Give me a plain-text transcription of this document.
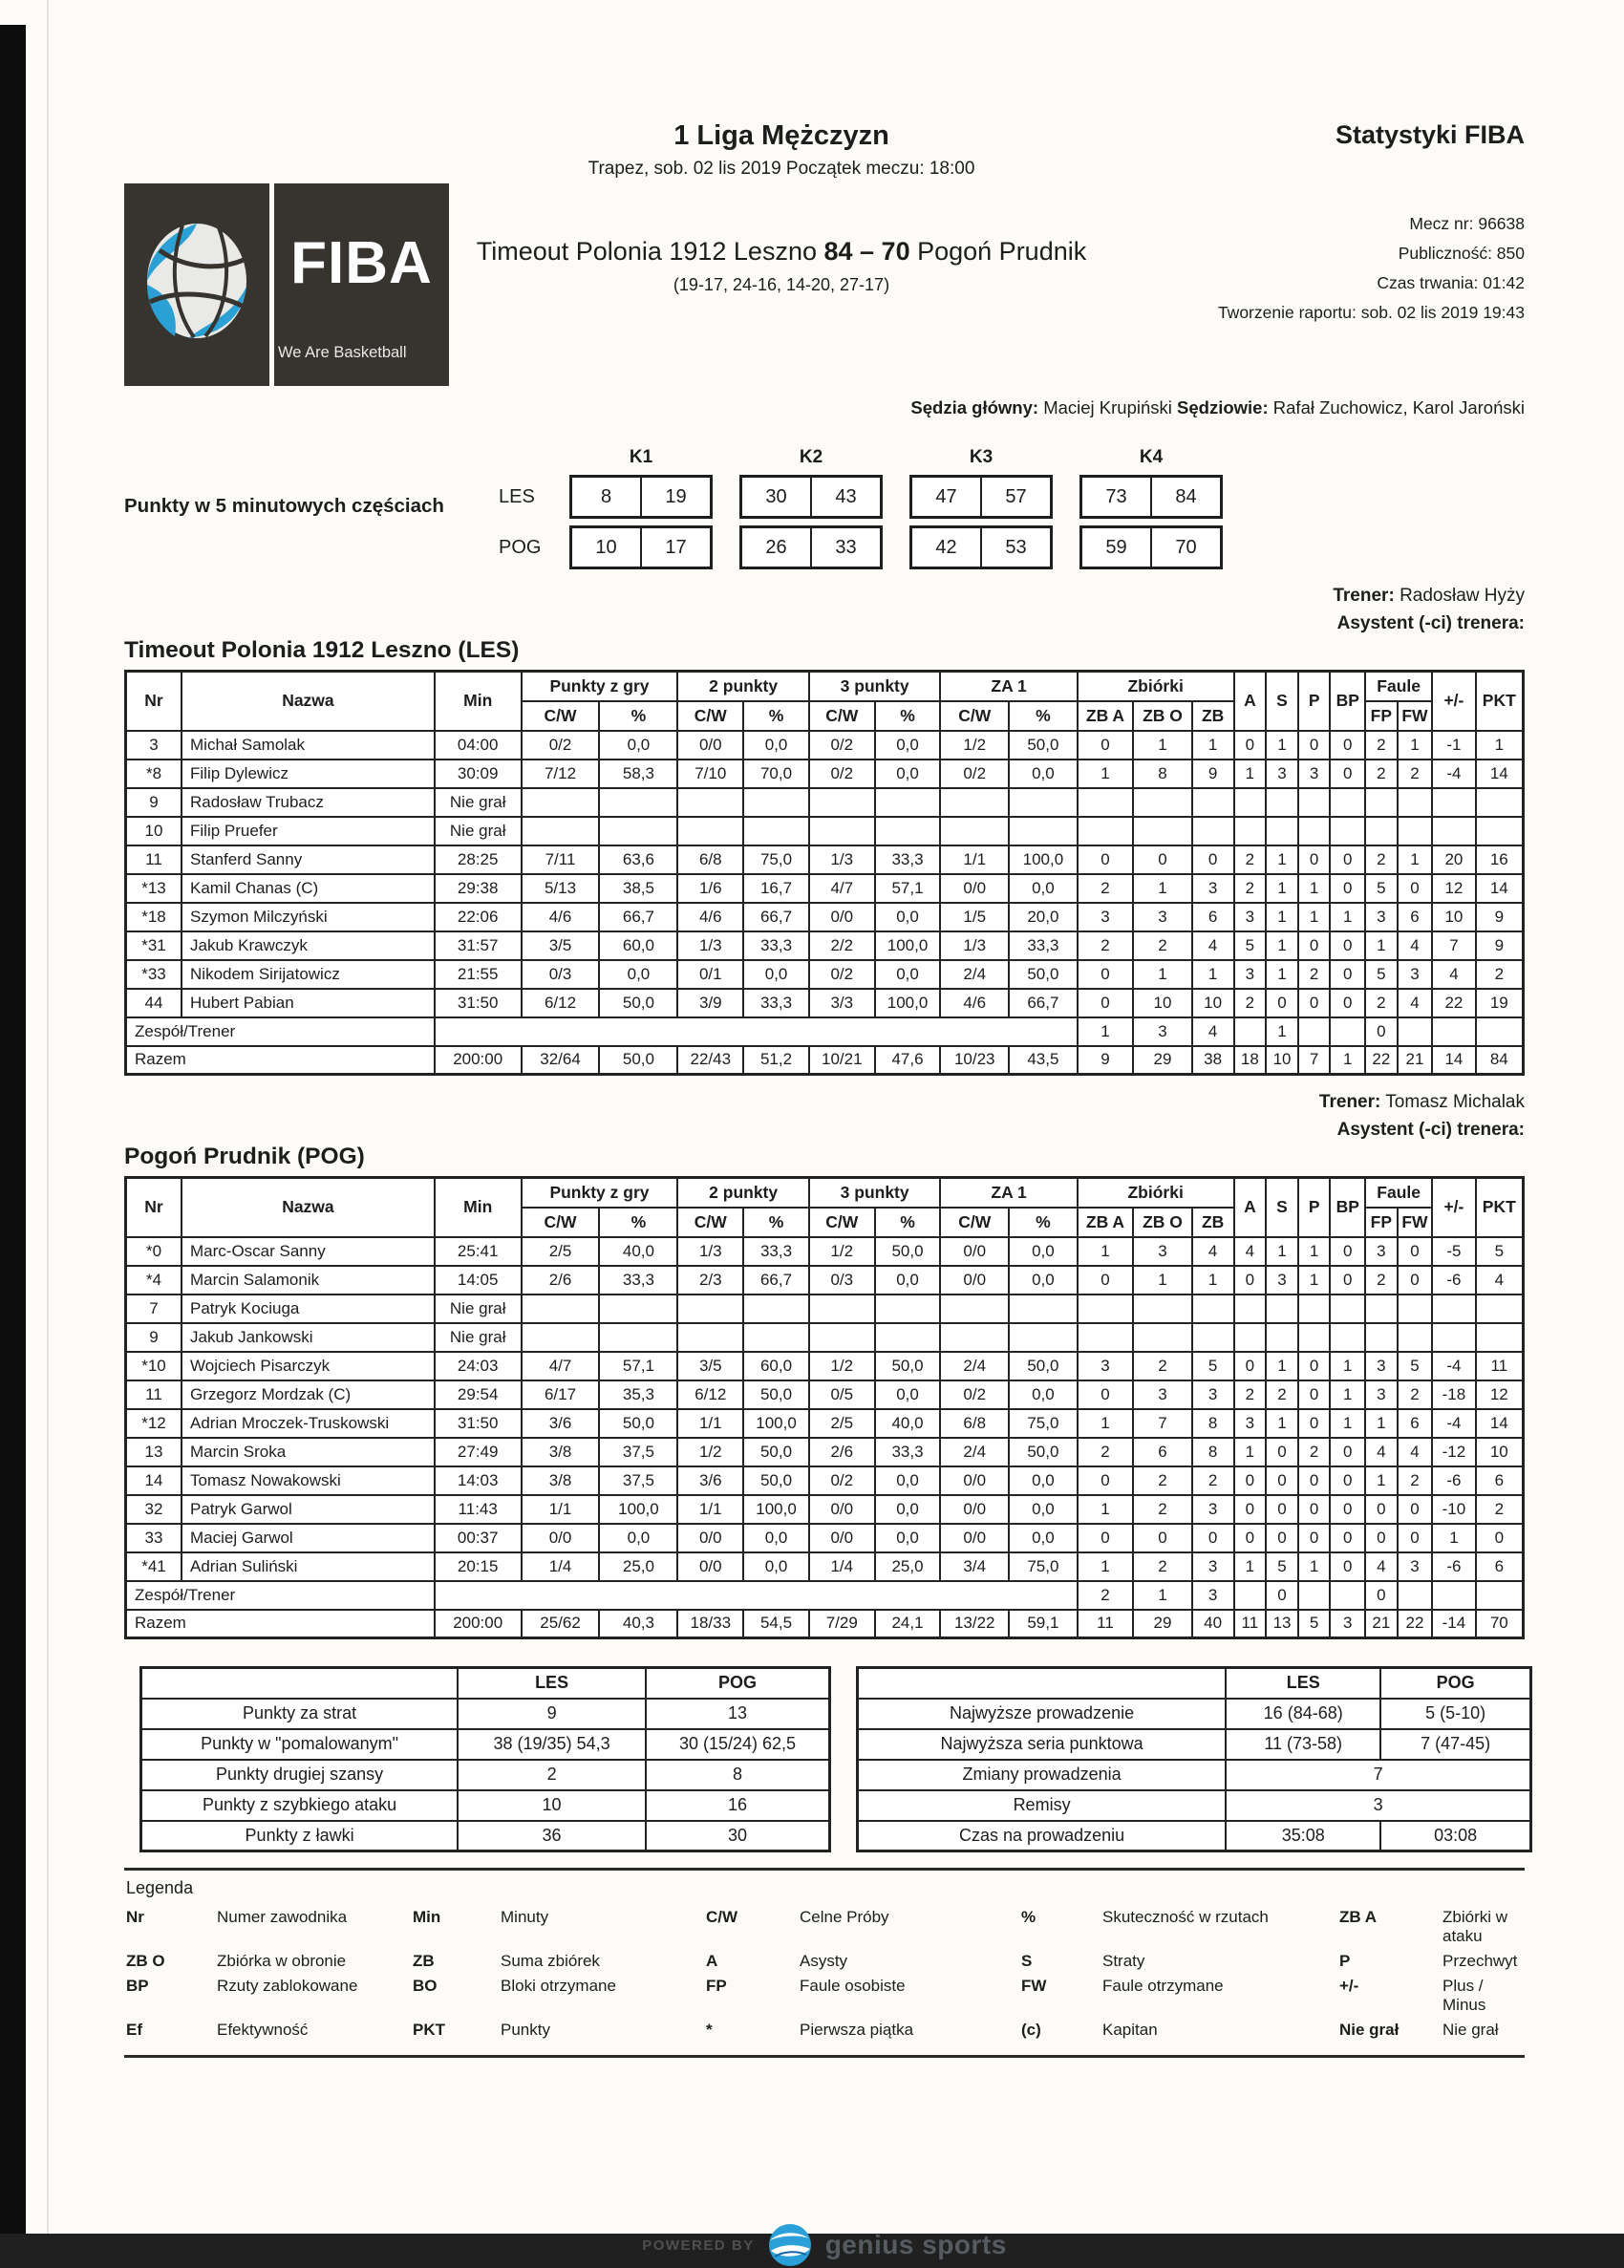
FIBA
We Are Basketball
1 Liga Mężczyzn
Trapez, sob. 02 lis 2019 Początek meczu: 18:00
Timeout Polonia 1912 Leszno 84 – 70 Pogoń Prudnik
(19-17, 24-16, 14-20, 27-17)
Statystyki FIBA
Mecz nr: 96638
Publiczność: 850
Czas trwania: 01:42
Tworzenie raportu: sob. 02 lis 2019 19:43
Sędzia główny: Maciej Krupiński Sędziowie: Rafał Zuchowicz, Karol Jaroński
Punkty w 5 minutowych częściach
K1	K2	K3	K4
LES	8	19	30	43	47	57	73	84
POG	10	17	26	33	42	53	59	70
Trener: Radosław Hyży
Asystent (-ci) trenera:
Timeout Polonia 1912 Leszno (LES)
Nr	Nazwa	Min	Punkty z gry		2 punkty		3 punkty		ZA 1		Zbiórki			A	S	P	BP	Faule		+/-	PKT
			C/W	%	C/W	%	C/W	%	C/W	%	ZB A	ZB O	ZB					FP	FW		
3	Michał Samolak	04:00	0/2	0,0	0/0	0,0	0/2	0,0	1/2	50,0	0	1	1	0	1	0	0	2	1	-1	1
*8	Filip Dylewicz	30:09	7/12	58,3	7/10	70,0	0/2	0,0	0/2	0,0	1	8	9	1	3	3	0	2	2	-4	14
9	Radosław Trubacz	Nie grał																			
10	Filip Pruefer	Nie grał																			
11	Stanferd Sanny	28:25	7/11	63,6	6/8	75,0	1/3	33,3	1/1	100,0	0	0	0	2	1	0	0	2	1	20	16
*13	Kamil Chanas (C)	29:38	5/13	38,5	1/6	16,7	4/7	57,1	0/0	0,0	2	1	3	2	1	1	0	5	0	12	14
*18	Szymon Milczyński	22:06	4/6	66,7	4/6	66,7	0/0	0,0	1/5	20,0	3	3	6	3	1	1	1	3	6	10	9
*31	Jakub Krawczyk	31:57	3/5	60,0	1/3	33,3	2/2	100,0	1/3	33,3	2	2	4	5	1	0	0	1	4	7	9
*33	Nikodem Sirijatowicz	21:55	0/3	0,0	0/1	0,0	0/2	0,0	2/4	50,0	0	1	1	3	1	2	0	5	3	4	2
44	Hubert Pabian	31:50	6/12	50,0	3/9	33,3	3/3	100,0	4/6	66,7	0	10	10	2	0	0	0	2	4	22	19
Zespół/Trener											1	3	4		1			0			
Razem		200:00	32/64	50,0	22/43	51,2	10/21	47,6	10/23	43,5	9	29	38	18	10	7	1	22	21	14	84
Trener: Tomasz Michalak
Asystent (-ci) trenera:
Pogoń Prudnik (POG)
Nr	Nazwa	Min	Punkty z gry		2 punkty		3 punkty		ZA 1		Zbiórki			A	S	P	BP	Faule		+/-	PKT
			C/W	%	C/W	%	C/W	%	C/W	%	ZB A	ZB O	ZB					FP	FW		
*0	Marc-Oscar Sanny	25:41	2/5	40,0	1/3	33,3	1/2	50,0	0/0	0,0	1	3	4	4	1	1	0	3	0	-5	5
*4	Marcin Salamonik	14:05	2/6	33,3	2/3	66,7	0/3	0,0	0/0	0,0	0	1	1	0	3	1	0	2	0	-6	4
7	Patryk Kociuga	Nie grał																			
9	Jakub Jankowski	Nie grał																			
*10	Wojciech Pisarczyk	24:03	4/7	57,1	3/5	60,0	1/2	50,0	2/4	50,0	3	2	5	0	1	0	1	3	5	-4	11
11	Grzegorz Mordzak (C)	29:54	6/17	35,3	6/12	50,0	0/5	0,0	0/2	0,0	0	3	3	2	2	0	1	3	2	-18	12
*12	Adrian Mroczek-Truskowski	31:50	3/6	50,0	1/1	100,0	2/5	40,0	6/8	75,0	1	7	8	3	1	0	1	1	6	-4	14
13	Marcin Sroka	27:49	3/8	37,5	1/2	50,0	2/6	33,3	2/4	50,0	2	6	8	1	0	2	0	4	4	-12	10
14	Tomasz Nowakowski	14:03	3/8	37,5	3/6	50,0	0/2	0,0	0/0	0,0	0	2	2	0	0	0	0	1	2	-6	6
32	Patryk Garwol	11:43	1/1	100,0	1/1	100,0	0/0	0,0	0/0	0,0	1	2	3	0	0	0	0	0	0	-10	2
33	Maciej Garwol	00:37	0/0	0,0	0/0	0,0	0/0	0,0	0/0	0,0	0	0	0	0	0	0	0	0	0	1	0
*41	Adrian Suliński	20:15	1/4	25,0	0/0	0,0	1/4	25,0	3/4	75,0	1	2	3	1	5	1	0	4	3	-6	6
Zespół/Trener											2	1	3		0			0			
Razem		200:00	25/62	40,3	18/33	54,5	7/29	24,1	13/22	59,1	11	29	40	11	13	5	3	21	22	-14	70
	LES	POG
Punkty za strat	9	13
Punkty w "pomalowanym"	38 (19/35) 54,3	30 (15/24) 62,5
Punkty drugiej szansy	2	8
Punkty z szybkiego ataku	10	16
Punkty z ławki	36	30
	LES	POG
Najwyższe prowadzenie	16 (84-68)	5 (5-10)
Najwyższa seria punktowa	11 (73-58)	7 (47-45)
Zmiany prowadzenia	7	
Remisy	3	
Czas na prowadzeniu	35:08	03:08
Legenda
Nr	Numer zawodnika	Min	Minuty	C/W	Celne Próby	%	Skuteczność w rzutach	ZB A	Zbiórki w ataku
ZB O	Zbiórka w obronie	ZB	Suma zbiórek	A	Asysty	S	Straty	P	Przechwyt
BP	Rzuty zablokowane	BO	Bloki otrzymane	FP	Faule osobiste	FW	Faule otrzymane	+/-	Plus / Minus
Ef	Efektywność	PKT	Punkty	*	Pierwsza piątka	(c)	Kapitan	Nie grał	Nie grał
POWERED BY	genius sports
